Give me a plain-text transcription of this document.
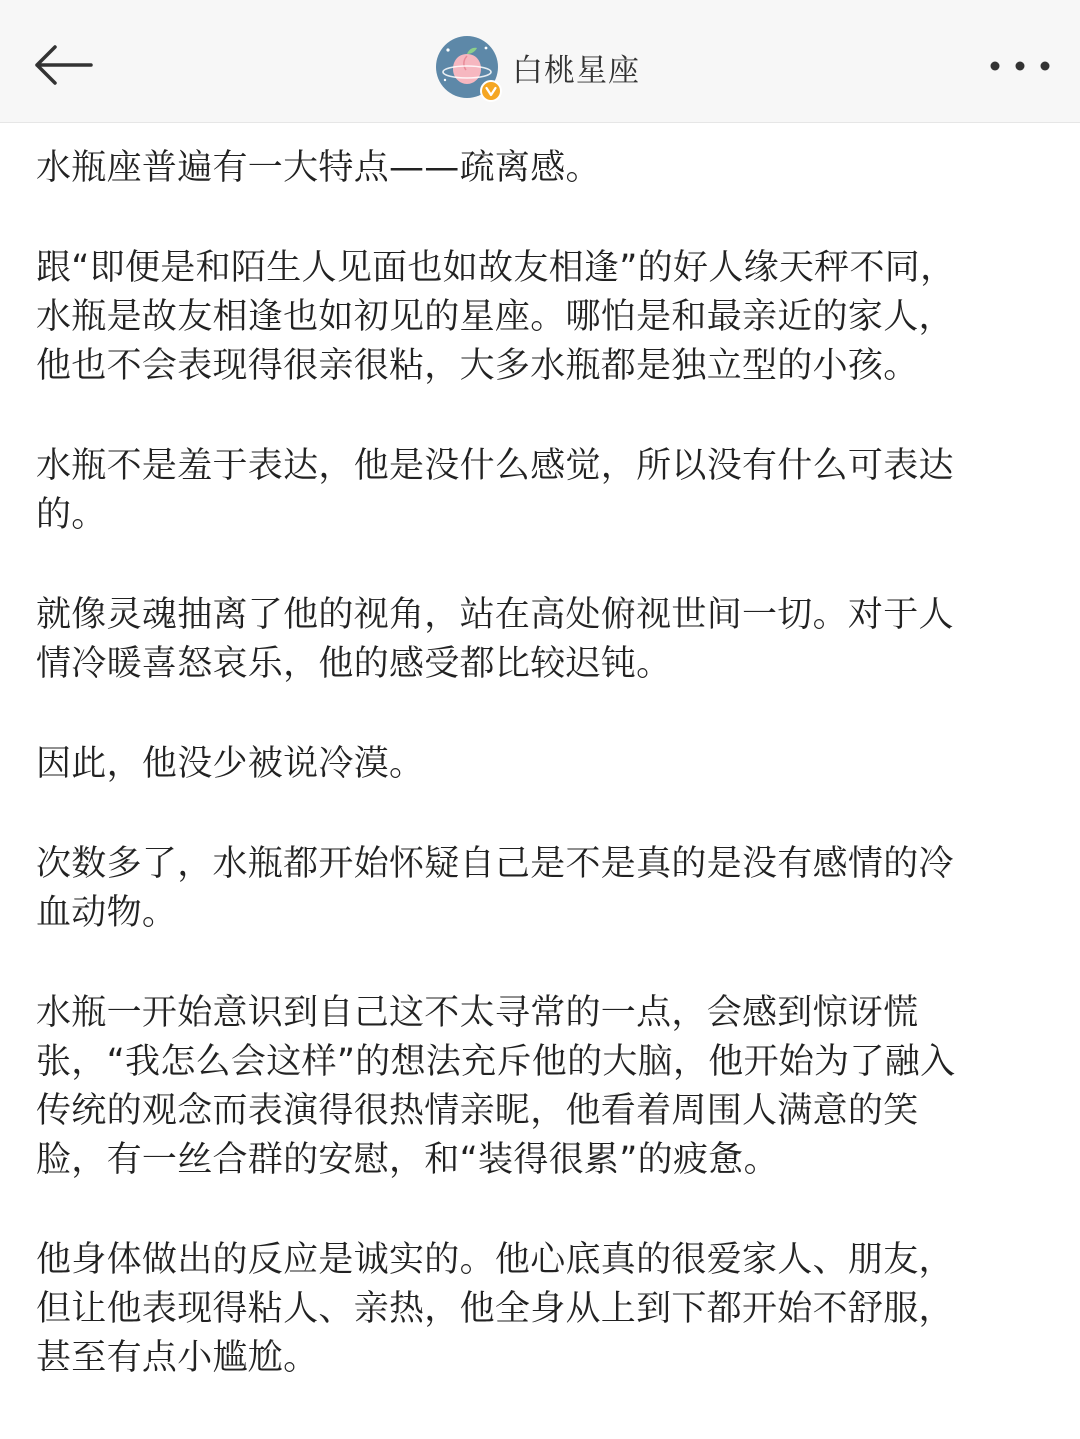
白桃星座

水瓶座普遍有一大特点——疏离感。

跟“即便是和陌生人见面也如故友相逢”的好人缘天秤不同，
水瓶是故友相逢也如初见的星座。哪怕是和最亲近的家人，
他也不会表现得很亲很粘，大多水瓶都是独立型的小孩。

水瓶不是羞于表达，他是没什么感觉，所以没有什么可表达
的。

就像灵魂抽离了他的视角，站在高处俯视世间一切。对于人
情冷暖喜怒哀乐，他的感受都比较迟钝。

因此，他没少被说冷漠。

次数多了，水瓶都开始怀疑自己是不是真的是没有感情的冷
血动物。

水瓶一开始意识到自己这不太寻常的一点，会感到惊讶慌
张，“我怎么会这样”的想法充斥他的大脑，他开始为了融入
传统的观念而表演得很热情亲昵，他看着周围人满意的笑
脸，有一丝合群的安慰，和“装得很累”的疲惫。

他身体做出的反应是诚实的。他心底真的很爱家人、朋友，
但让他表现得粘人、亲热，他全身从上到下都开始不舒服，
甚至有点小尴尬。
